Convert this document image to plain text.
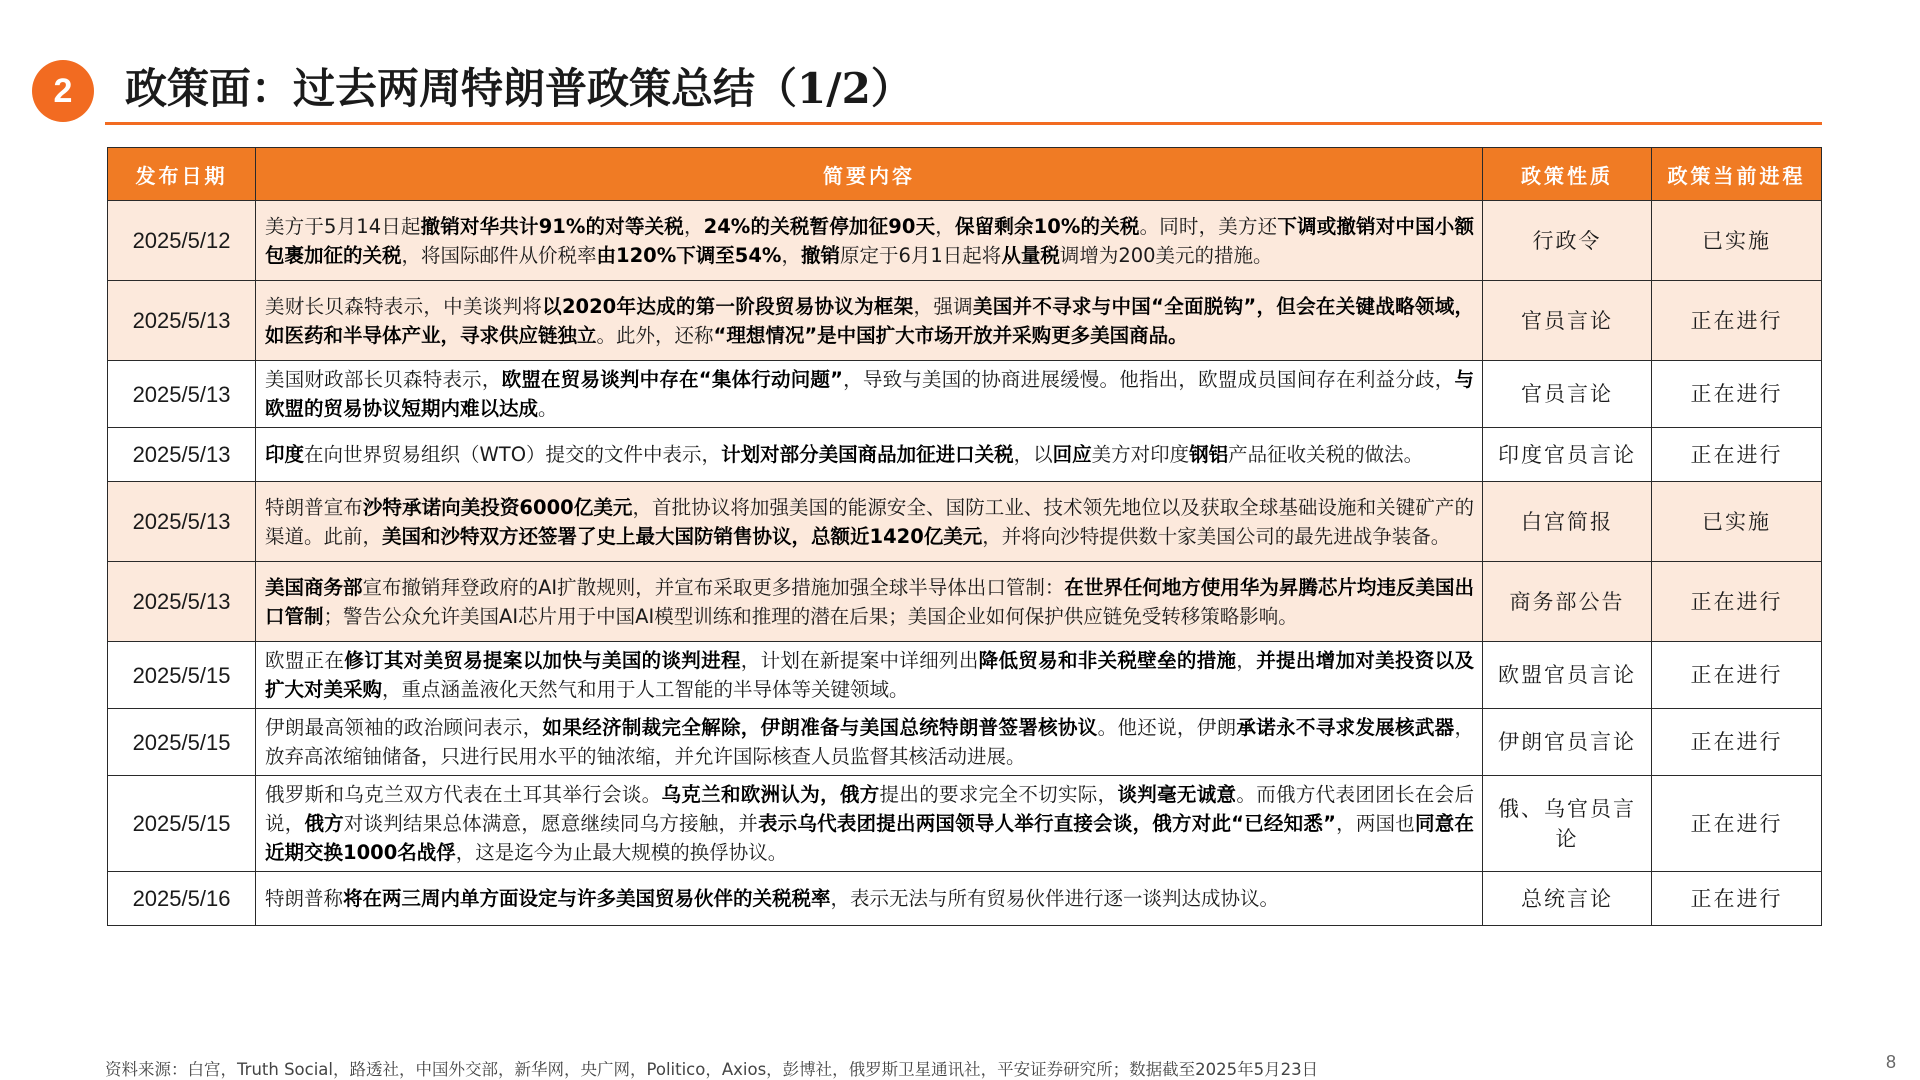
2	政策面：过去两周特朗普政策总结（1/2）
发布日期	简要内容	政策性质	政策当前进程
2025/5/12	美方于5月14日起撤销对华共计91%的对等关税，24%的关税暂停加征90天，保留剩余10%的关税。同时，美方还下调或撤销对中国小额包裹加征的关税，将国际邮件从价税率由120%下调至54%，撤销原定于6月1日起将从量税调增为200美元的措施。	行政令	已实施
2025/5/13	美财长贝森特表示，中美谈判将以2020年达成的第一阶段贸易协议为框架，强调美国并不寻求与中国“全面脱钩”，但会在关键战略领域，如医药和半导体产业，寻求供应链独立。此外，还称“理想情况”是中国扩大市场开放并采购更多美国商品。	官员言论	正在进行
2025/5/13	美国财政部长贝森特表示，欧盟在贸易谈判中存在“集体行动问题”，导致与美国的协商进展缓慢。他指出，欧盟成员国间存在利益分歧，与欧盟的贸易协议短期内难以达成。	官员言论	正在进行
2025/5/13	印度在向世界贸易组织（WTO）提交的文件中表示，计划对部分美国商品加征进口关税，以回应美方对印度钢铝产品征收关税的做法。	印度官员言论	正在进行
2025/5/13	特朗普宣布沙特承诺向美投资6000亿美元，首批协议将加强美国的能源安全、国防工业、技术领先地位以及获取全球基础设施和关键矿产的渠道。此前，美国和沙特双方还签署了史上最大国防销售协议，总额近1420亿美元，并将向沙特提供数十家美国公司的最先进战争装备。	白宫简报	已实施
2025/5/13	美国商务部宣布撤销拜登政府的AI扩散规则，并宣布采取更多措施加强全球半导体出口管制：在世界任何地方使用华为昇腾芯片均违反美国出口管制；警告公众允许美国AI芯片用于中国AI模型训练和推理的潜在后果；美国企业如何保护供应链免受转移策略影响。	商务部公告	正在进行
2025/5/15	欧盟正在修订其对美贸易提案以加快与美国的谈判进程，计划在新提案中详细列出降低贸易和非关税壁垒的措施，并提出增加对美投资以及扩大对美采购，重点涵盖液化天然气和用于人工智能的半导体等关键领域。	欧盟官员言论	正在进行
2025/5/15	伊朗最高领袖的政治顾问表示，如果经济制裁完全解除，伊朗准备与美国总统特朗普签署核协议。他还说，伊朗承诺永不寻求发展核武器，放弃高浓缩铀储备，只进行民用水平的铀浓缩，并允许国际核查人员监督其核活动进展。	伊朗官员言论	正在进行
2025/5/15	俄罗斯和乌克兰双方代表在土耳其举行会谈。乌克兰和欧洲认为，俄方提出的要求完全不切实际，谈判毫无诚意。而俄方代表团团长在会后说，俄方对谈判结果总体满意，愿意继续同乌方接触，并表示乌代表团提出两国领导人举行直接会谈，俄方对此“已经知悉”，两国也同意在近期交换1000名战俘，这是迄今为止最大规模的换俘协议。	俄、乌官员言论	正在进行
2025/5/16	特朗普称将在两三周内单方面设定与许多美国贸易伙伴的关税税率，表示无法与所有贸易伙伴进行逐一谈判达成协议。	总统言论	正在进行
资料来源：白宫，Truth Social，路透社，中国外交部，新华网，央广网，Politico，Axios，彭博社，俄罗斯卫星通讯社，平安证券研究所；数据截至2025年5月23日	8
